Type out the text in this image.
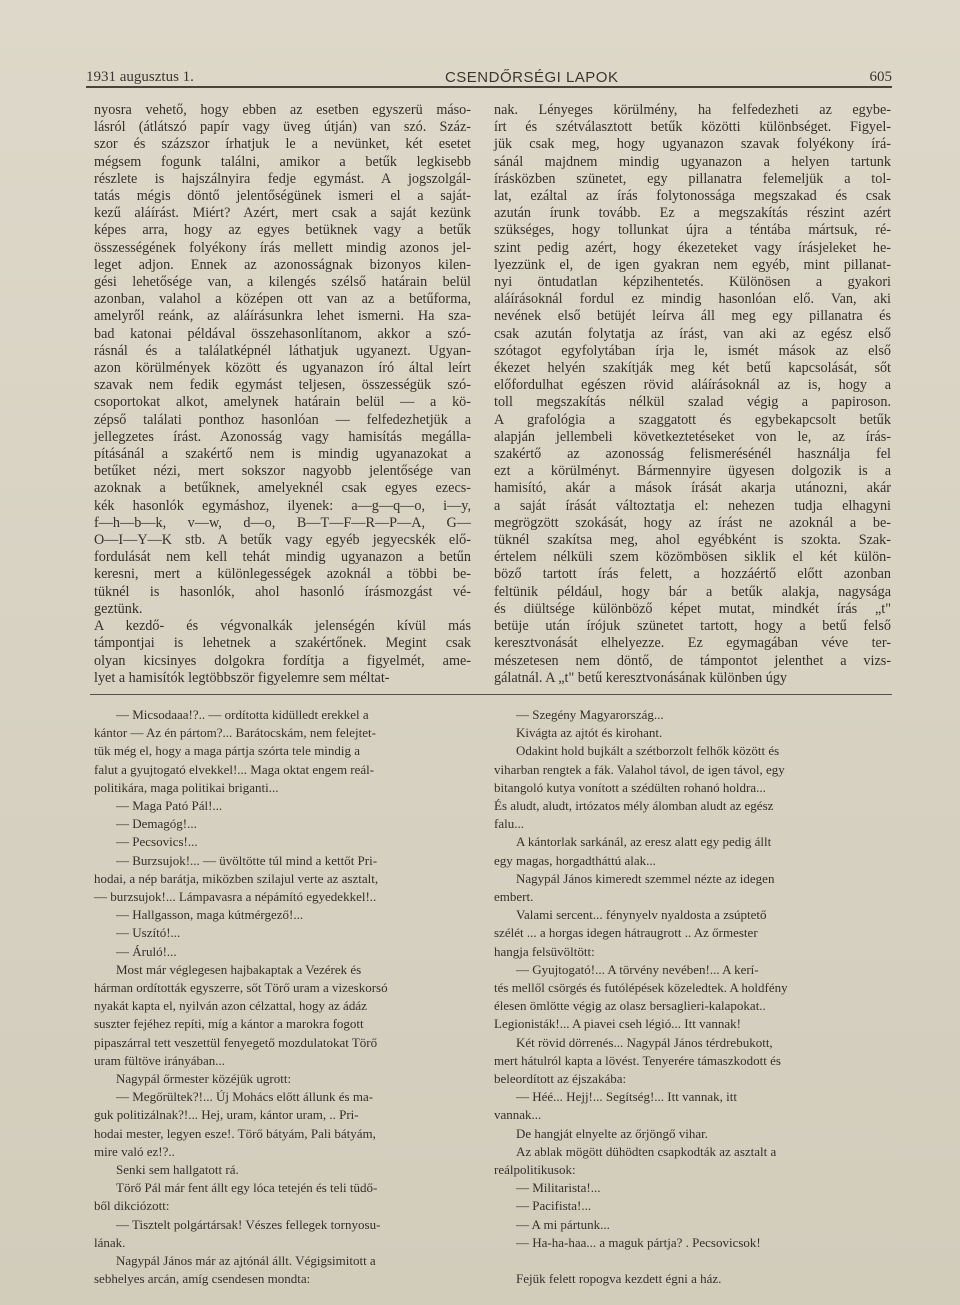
1931 augusztus 1.	CSENDŐRSÉGI LAPOK	605
nyosra vehető, hogy ebben az esetben egyszerü máso-
lásról (átlátszó papír vagy üveg útján) van szó. Száz-
szor és százszor írhatjuk le a nevünket, két esetet
mégsem fogunk találni, amikor a betűk legkisebb
részlete is hajszálnyira fedje egymást. A jogszolgál-
tatás mégis döntő jelentőségünek ismeri el a saját-
kezű aláírást. Miért? Azért, mert csak a saját kezünk
képes arra, hogy az egyes betüknek vagy a betűk
összességének folyékony írás mellett mindig azonos jel-
leget adjon. Ennek az azonosságnak bizonyos kilen-
gési lehetősége van, a kilengés szélső határain belül
azonban, valahol a középen ott van az a betűforma,
amelyről reánk, az aláírásunkra lehet ismerni. Ha sza-
bad katonai példával összehasonlítanom, akkor a szó-
rásnál és a találatképnél láthatjuk ugyanezt. Ugyan-
azon körülmények között és ugyanazon író által leírt
szavak nem fedik egymást teljesen, összességük szó-
csoportokat alkot, amelynek határain belül — a kö-
zépső találati ponthoz hasonlóan — felfedezhetjük a
jellegzetes írást. Azonosság vagy hamisítás megálla-
pításánál a szakértő nem is mindig ugyanazokat a
betűket nézi, mert sokszor nagyobb jelentősége van
azoknak a betűknek, amelyeknél csak egyes ezecs-
kék hasonlók egymáshoz, ilyenek: a—g—q—o, i—y,
f—h—b—k, v—w, d—o, B—T—F—R—P—A, G—
O—I—Y—K stb. A betűk vagy egyéb jegyecskék elő-
fordulását nem kell tehát mindig ugyanazon a betűn
keresni, mert a különlegességek azoknál a többi be-
tüknél is hasonlók, ahol hasonló írásmozgást vé-
geztünk.
A kezdő- és végvonalkák jelenségén kívül más
támpontjai is lehetnek a szakértőnek. Megint csak
olyan kicsinyes dolgokra fordítja a figyelmét, ame-
lyet a hamisítók legtöbbször figyelemre sem méltat-
nak. Lényeges körülmény, ha felfedezheti az egybe-
írt és szétválasztott betűk közötti különbséget. Figyel-
jük csak meg, hogy ugyanazon szavak folyékony írá-
sánál majdnem mindig ugyanazon a helyen tartunk
írásközben szünetet, egy pillanatra felemeljük a tol-
lat, ezáltal az írás folytonossága megszakad és csak
azután írunk tovább. Ez a megszakítás részint azért
szükséges, hogy tollunkat újra a téntába mártsuk, ré-
szint pedig azért, hogy ékezeteket vagy írásjeleket he-
lyezzünk el, de igen gyakran nem egyéb, mint pillanat-
nyi öntudatlan képzihentetés. Különösen a gyakori
aláírásoknál fordul ez mindig hasonlóan elő. Van, aki
nevének első betüjét leírva áll meg egy pillanatra és
csak azután folytatja az írást, van aki az egész első
szótagot egyfolytában írja le, ismét mások az első
ékezet helyén szakítják meg két betű kapcsolását, sőt
előfordulhat egészen rövid aláírásoknál az is, hogy a
toll megszakítás nélkül szalad végig a papiroson.
A grafológia a szaggatott és egybekapcsolt betűk
alapján jellembeli következtetéseket von le, az írás-
szakértő az azonosság felismerésénél használja fel
ezt a körülményt. Bármennyire ügyesen dolgozik is a
hamisító, akár a mások írását akarja utánozni, akár
a saját írását változtatja el: nehezen tudja elhagyni
megrögzött szokását, hogy az írást ne azoknál a be-
tüknél szakítsa meg, ahol egyébként is szokta. Szak-
értelem nélküli szem közömbösen siklik el két külön-
böző tartott írás felett, a hozzáértő előtt azonban
feltünik például, hogy bár a betűk alakja, nagysága
és diültsége különböző képet mutat, mindkét írás „t"
betüje után írójuk szünetet tartott, hogy a betű felső
keresztvonását elhelyezze. Ez egymagában véve ter-
mészetesen nem döntő, de támpontot jelenthet a vizs-
gálatnál. A „t" betű keresztvonásának különben úgy
— Micsodaaa!?.. — ordította kidülledt erekkel a
kántor — Az én pártom?... Barátocskám, nem felejtet-
tük még el, hogy a maga pártja szórta tele mindig a
falut a gyujtogató elvekkel!... Maga oktat engem reál-
politikára, maga politikai briganti...
— Maga Pató Pál!...
— Demagóg!...
— Pecsovics!...
— Burzsujok!... — üvöltötte túl mind a kettőt Pri-
hodai, a nép barátja, miközben szilajul verte az asztalt,
— burzsujok!... Lámpavasra a népámító egyedekkel!..
— Hallgasson, maga kútmérgező!...
— Uszító!...
— Áruló!...
Most már véglegesen hajbakaptak a Vezérek és
hárman ordították egyszerre, sőt Törő uram a vizeskorsó
nyakát kapta el, nyilván azon célzattal, hogy az ádáz
suszter fejéhez repíti, míg a kántor a marokra fogott
pipaszárral tett veszettül fenyegető mozdulatokat Törő
uram fültöve irányában...
Nagypál őrmester közéjük ugrott:
— Megőrültek?!... Új Mohács előtt állunk és ma-
guk politizálnak?!... Hej, uram, kántor uram, .. Pri-
hodai mester, legyen esze!. Törő bátyám, Pali bátyám,
mire való ez!?..
Senki sem hallgatott rá.
Törő Pál már fent állt egy lóca tetején és teli tüdő-
ből dikciózott:
— Tisztelt polgártársak! Vészes fellegek tornyosu-
lának.
Nagypál János már az ajtónál állt. Végigsimitott a
sebhelyes arcán, amíg csendesen mondta:
— Szegény Magyarország...
Kivágta az ajtót és kirohant.
Odakint hold bujkált a szétborzolt felhők között és
viharban rengtek a fák. Valahol távol, de igen távol, egy
bitangoló kutya vonított a szédülten rohanó holdra...
És aludt, aludt, irtózatos mély álomban aludt az egész
falu...
A kántorlak sarkánál, az eresz alatt egy pedig állt
egy magas, horgadtháttú alak...
Nagypál János kimeredt szemmel nézte az idegen
embert.
Valami sercent... fénynyelv nyaldosta a zsúptető
szélét ... a horgas idegen hátraugrott .. Az őrmester
hangja felsüvöltött:
— Gyujtogató!... A törvény nevében!... A kerí-
tés mellől csörgés és futólépések közeledtek. A holdfény
élesen ömlötte végig az olasz bersaglieri-kalapokat..
Legionisták!... A piavei cseh légió... Itt vannak!
Két rövid dörrenés... Nagypál János térdrebukott,
mert hátulról kapta a lövést. Tenyerére támaszkodott és
beleordított az éjszakába:
— Héé... Hejj!... Segítség!... Itt vannak, itt
vannak...
De hangját elnyelte az őrjöngő vihar.
Az ablak mögött dühödten csapkodták az asztalt a
reálpolitikusok:
— Militarista!...
— Pacifista!...
— A mi pártunk...
— Ha-ha-haa... a maguk pártja? . Pecsovicsok!

Fejük felett ropogva kezdett égni a ház.
